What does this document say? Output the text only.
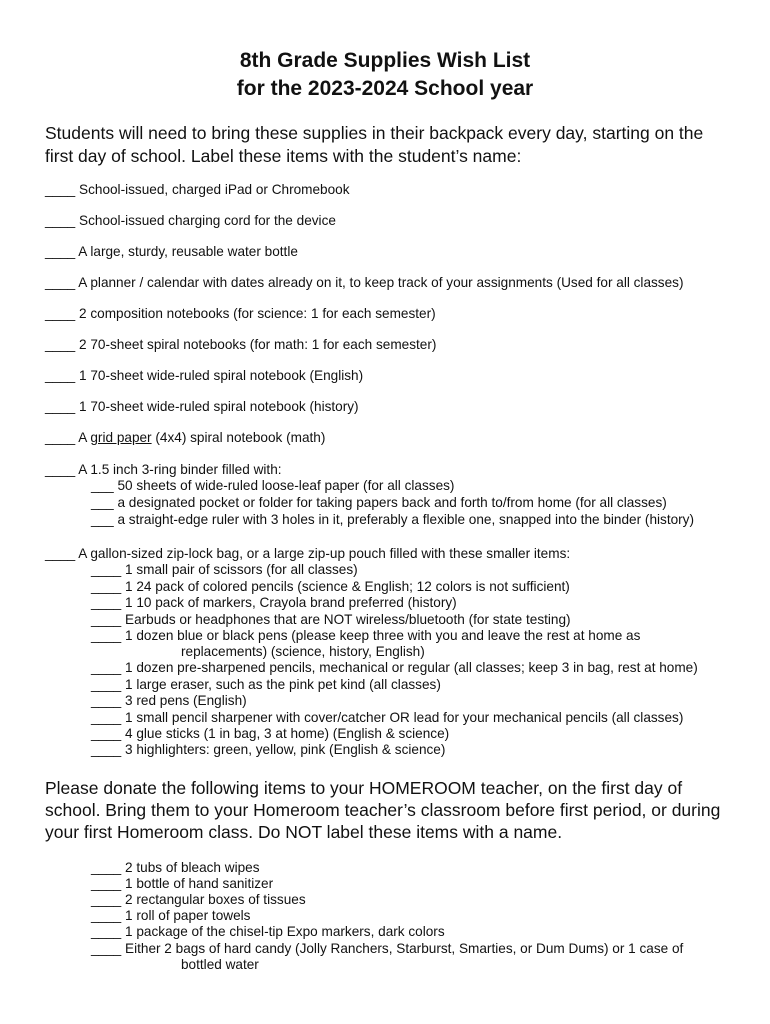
8th Grade Supplies Wish List
for the 2023-2024 School year
Students will need to bring these supplies in their backpack every day, starting on the first day of school. Label these items with the student’s name:
____ School-issued, charged iPad or Chromebook
____ School-issued charging cord for the device
____ A large, sturdy, reusable water bottle
____ A planner / calendar with dates already on it, to keep track of your assignments (Used for all classes)
____ 2 composition notebooks (for science: 1 for each semester)
____ 2 70-sheet spiral notebooks (for math: 1 for each semester)
____ 1 70-sheet wide-ruled spiral notebook (English)
____ 1 70-sheet wide-ruled spiral notebook (history)
____ A grid paper (4x4) spiral notebook (math)
____ A 1.5 inch 3-ring binder filled with:
___ 50 sheets of wide-ruled loose-leaf paper (for all classes)
___ a designated pocket or folder for taking papers back and forth to/from home (for all classes)
___ a straight-edge ruler with 3 holes in it, preferably a flexible one, snapped into the binder (history)
____ A gallon-sized zip-lock bag, or a large zip-up pouch filled with these smaller items:
____ 1 small pair of scissors (for all classes)
____ 1 24 pack of colored pencils (science & English; 12 colors is not sufficient)
____ 1 10 pack of markers, Crayola brand preferred (history)
____ Earbuds or headphones that are NOT wireless/bluetooth (for state testing)
____ 1 dozen blue or black pens (please keep three with you and leave the rest at home as
replacements) (science, history, English)
____ 1 dozen pre-sharpened pencils, mechanical or regular (all classes; keep 3 in bag, rest at home)
____ 1 large eraser, such as the pink pet kind (all classes)
____ 3 red pens (English)
____ 1 small pencil sharpener with cover/catcher OR lead for your mechanical pencils (all classes)
____ 4 glue sticks (1 in bag, 3 at home) (English & science)
____ 3 highlighters: green, yellow, pink (English & science)
Please donate the following items to your HOMEROOM teacher, on the first day of school. Bring them to your Homeroom teacher’s classroom before first period, or during your first Homeroom class. Do NOT label these items with a name.
____ 2 tubs of bleach wipes
____ 1 bottle of hand sanitizer
____ 2 rectangular boxes of tissues
____ 1 roll of paper towels
____ 1 package of the chisel-tip Expo markers, dark colors
____ Either 2 bags of hard candy (Jolly Ranchers, Starburst, Smarties, or Dum Dums) or 1 case of
bottled water
